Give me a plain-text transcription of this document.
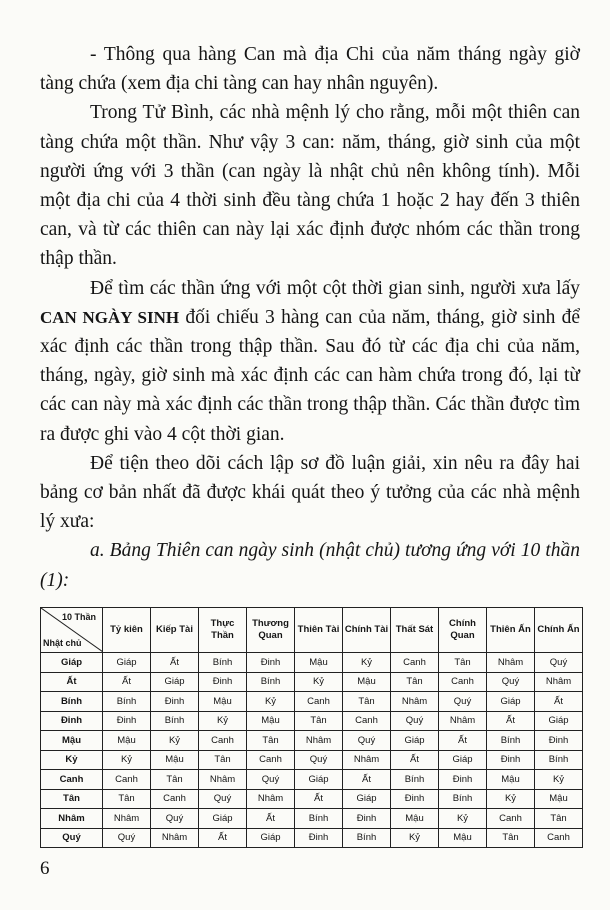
- Thông qua hàng Can mà địa Chi của năm tháng ngày giờ tàng chứa (xem địa chi tàng can hay nhân nguyên).

Trong Tử Bình, các nhà mệnh lý cho rằng, mỗi một thiên can tàng chứa một thần. Như vậy 3 can: năm, tháng, giờ sinh của một người ứng với 3 thần (can ngày là nhật chủ nên không tính). Mỗi một địa chi của 4 thời sinh đều tàng chứa 1 hoặc 2 hay đến 3 thiên can, và từ các thiên can này lại xác định được nhóm các thần trong thập thần.

Để tìm các thần ứng với một cột thời gian sinh, người xưa lấy CAN NGÀY SINH đối chiếu 3 hàng can của năm, tháng, giờ sinh để xác định các thần trong thập thần. Sau đó từ các địa chi của năm, tháng, ngày, giờ sinh mà xác định các can hàm chứa trong đó, lại từ các can này mà xác định các thần trong thập thần. Các thần được tìm ra được ghi vào 4 cột thời gian.

Để tiện theo dõi cách lập sơ đồ luận giải, xin nêu ra đây hai bảng cơ bản nhất đã được khái quát theo ý tưởng của các nhà mệnh lý xưa:

a. Bảng Thiên can ngày sinh (nhật chủ) tương ứng với 10 thần (1):

10 Thần
Nhật chủ	Tỷ kiên	Kiếp Tài	Thực Thần	Thương Quan	Thiên Tài	Chính Tài	Thất Sát	Chính Quan	Thiên Ấn	Chính Ấn
Giáp	Giáp	Ất	Bính	Đinh	Mậu	Kỷ	Canh	Tân	Nhâm	Quý
Ất	Ất	Giáp	Đinh	Bính	Kỷ	Mậu	Tân	Canh	Quý	Nhâm
Bính	Bính	Đinh	Mậu	Kỷ	Canh	Tân	Nhâm	Quý	Giáp	Ất
Đinh	Đinh	Bính	Kỷ	Mậu	Tân	Canh	Quý	Nhâm	Ất	Giáp
Mậu	Mậu	Kỷ	Canh	Tân	Nhâm	Quý	Giáp	Ất	Bính	Đinh
Kỷ	Kỷ	Mậu	Tân	Canh	Quý	Nhâm	Ất	Giáp	Đinh	Bính
Canh	Canh	Tân	Nhâm	Quý	Giáp	Ất	Bính	Đinh	Mậu	Kỷ
Tân	Tân	Canh	Quý	Nhâm	Ất	Giáp	Đinh	Bính	Kỷ	Mậu
Nhâm	Nhâm	Quý	Giáp	Ất	Bính	Đinh	Mậu	Kỷ	Canh	Tân
Quý	Quý	Nhâm	Ất	Giáp	Đinh	Bính	Kỷ	Mậu	Tân	Canh
6
